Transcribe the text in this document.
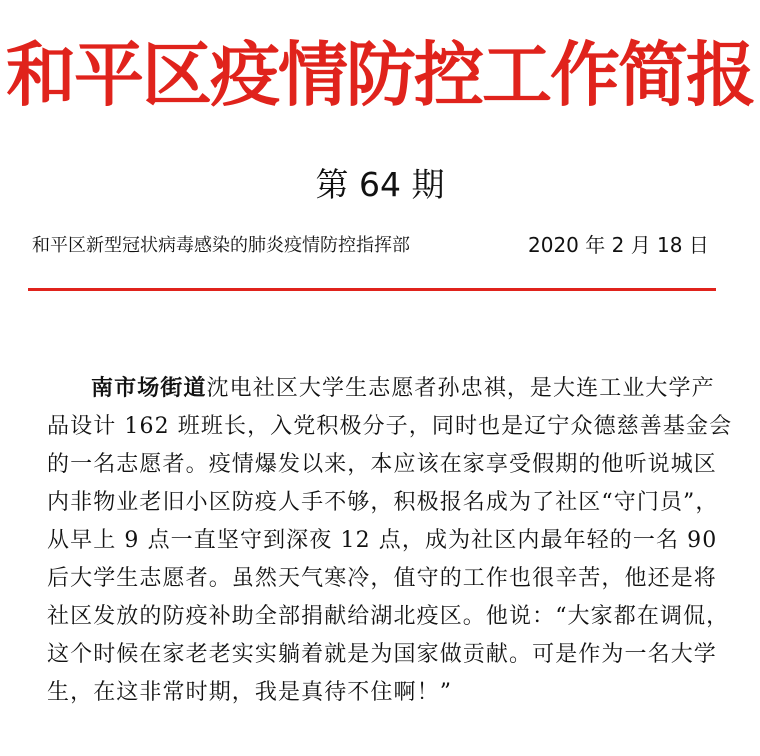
和平区疫情防控工作简报
第 64 期
和平区新型冠状病毒感染的肺炎疫情防控指挥部	2020 年 2 月 18 日

南市场街道沈电社区大学生志愿者孙忠祺，是大连工业大学产品设计 162 班班长，入党积极分子，同时也是辽宁众德慈善基金会的一名志愿者。疫情爆发以来，本应该在家享受假期的他听说城区内非物业老旧小区防疫人手不够，积极报名成为了社区“守门员”，从早上 9 点一直坚守到深夜 12 点，成为社区内最年轻的一名 90 后大学生志愿者。虽然天气寒冷，值守的工作也很辛苦，他还是将社区发放的防疫补助全部捐献给湖北疫区。他说：“大家都在调侃，这个时候在家老老实实躺着就是为国家做贡献。可是作为一名大学生，在这非常时期，我是真待不住啊！”
